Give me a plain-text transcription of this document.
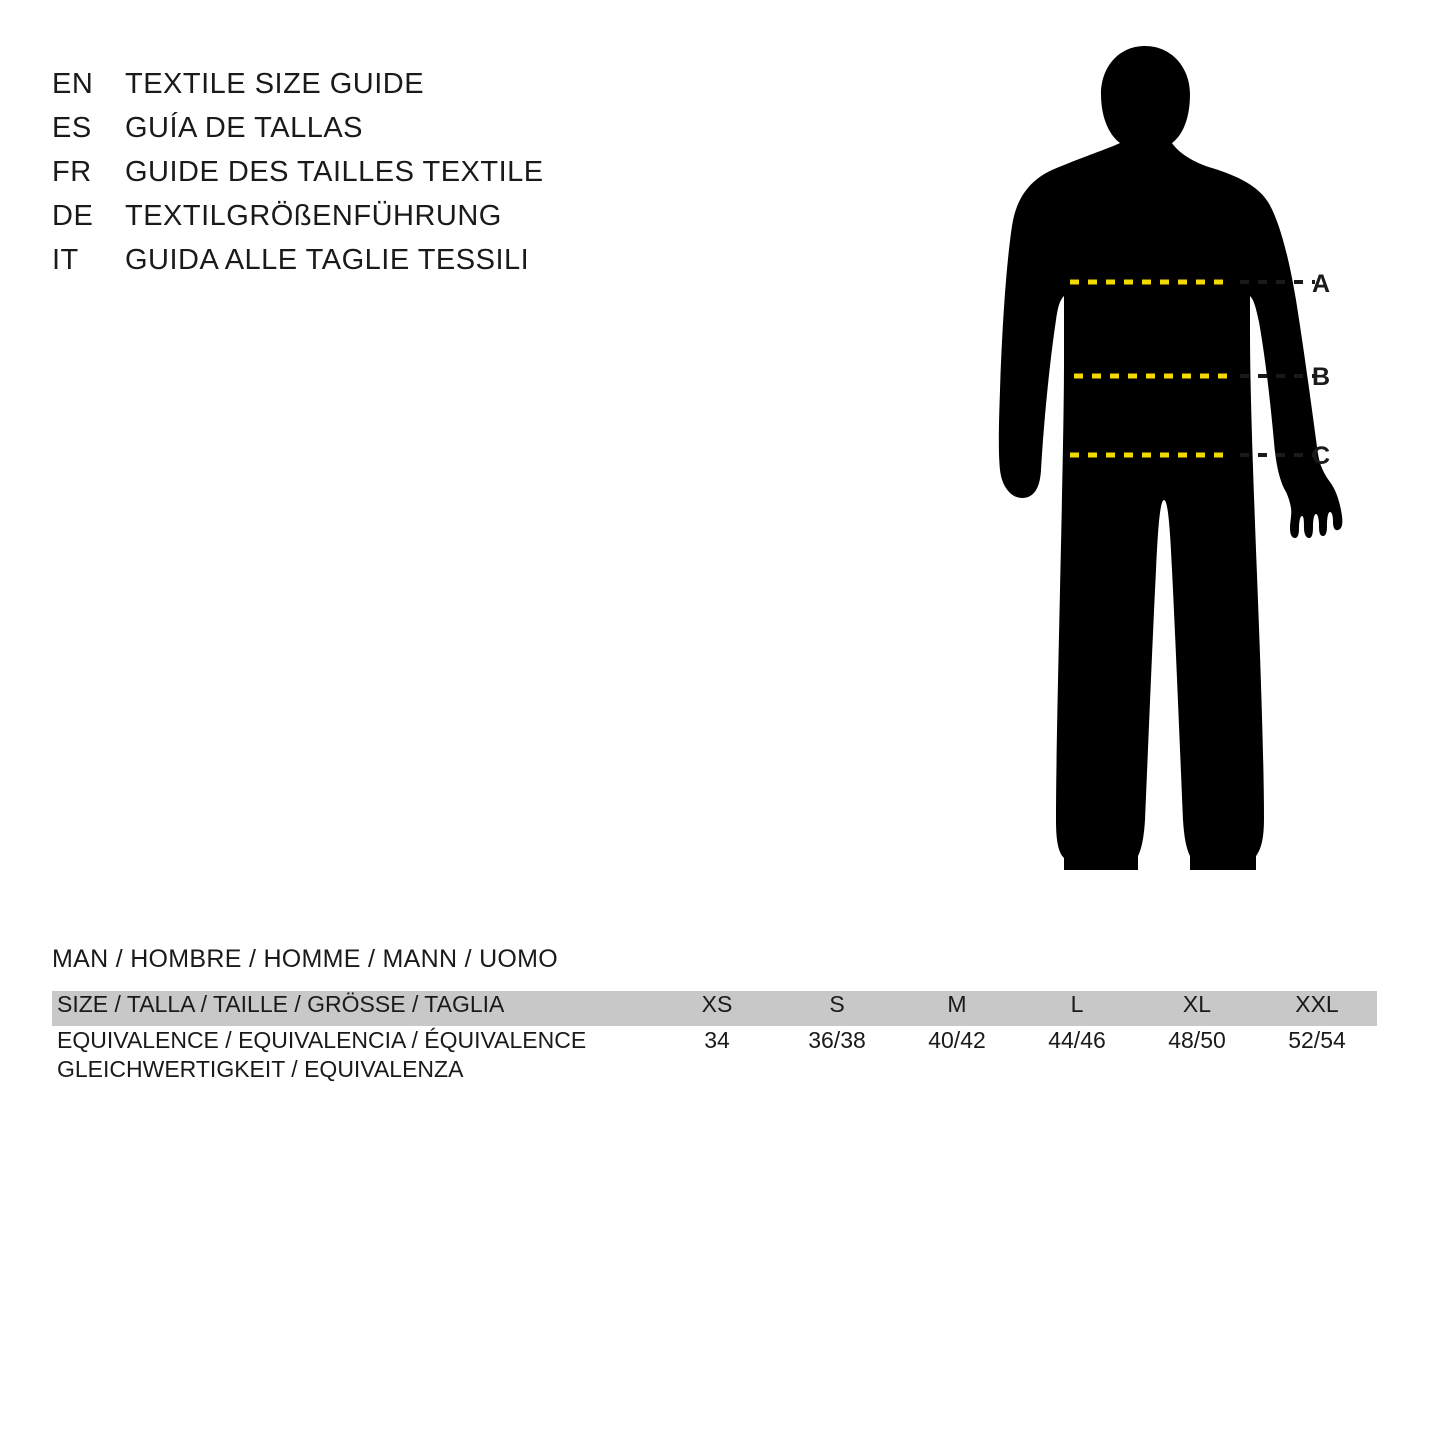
EN	TEXTILE SIZE GUIDE
ES	GUÍA DE TALLAS
FR	GUIDE DES TAILLES TEXTILE
DE	TEXTILGRÖßENFÜHRUNG
IT	GUIDA ALLE TAGLIE TESSILI
A
B
C
MAN / HOMBRE / HOMME / MANN / UOMO
SIZE / TALLA / TAILLE / GRÖSSE / TAGLIA	XS	S	M	L	XL	XXL

EQUIVALENCE / EQUIVALENCIA / ÉQUIVALENCE
GLEICHWERTIGKEIT / EQUIVALENZA	34	36/38	40/42	44/46	48/50	52/54
